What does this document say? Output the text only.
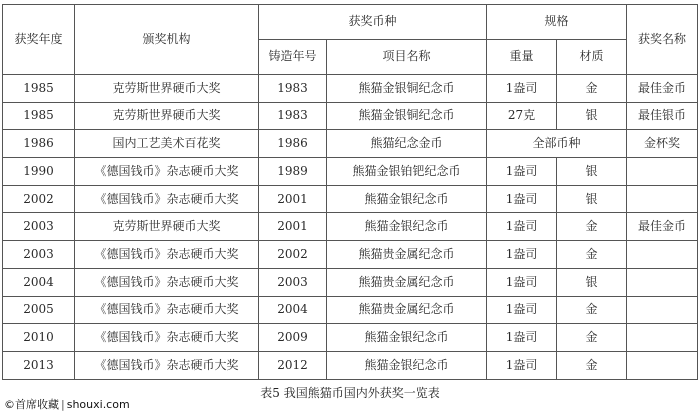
获奖年度	颁奖机构	获奖币种		规格		获奖名称
		铸造年号	项目名称	重量	材质	
1985	克劳斯世界硬币大奖	1983	熊猫金银铜纪念币	1盎司	金	最佳金币
1985	克劳斯世界硬币大奖	1983	熊猫金银铜纪念币	27克	银	最佳银币
1986	国内工艺美术百花奖	1986	熊猫纪念金币	全部币种		金杯奖
1990	《德国钱币》杂志硬币大奖	1989	熊猫金银铂钯纪念币	1盎司	银	
2002	《德国钱币》杂志硬币大奖	2001	熊猫金银纪念币	1盎司	银	
2003	克劳斯世界硬币大奖	2001	熊猫金银纪念币	1盎司	金	最佳金币
2003	《德国钱币》杂志硬币大奖	2002	熊猫贵金属纪念币	1盎司	金	
2004	《德国钱币》杂志硬币大奖	2003	熊猫贵金属纪念币	1盎司	银	
2005	《德国钱币》杂志硬币大奖	2004	熊猫贵金属纪念币	1盎司	金	
2010	《德国钱币》杂志硬币大奖	2009	熊猫金银纪念币	1盎司	金	
2013	《德国钱币》杂志硬币大奖	2012	熊猫金银纪念币	1盎司	金	
表5 我国熊猫币国内外获奖一览表
©首席收藏 | shouxi.com
